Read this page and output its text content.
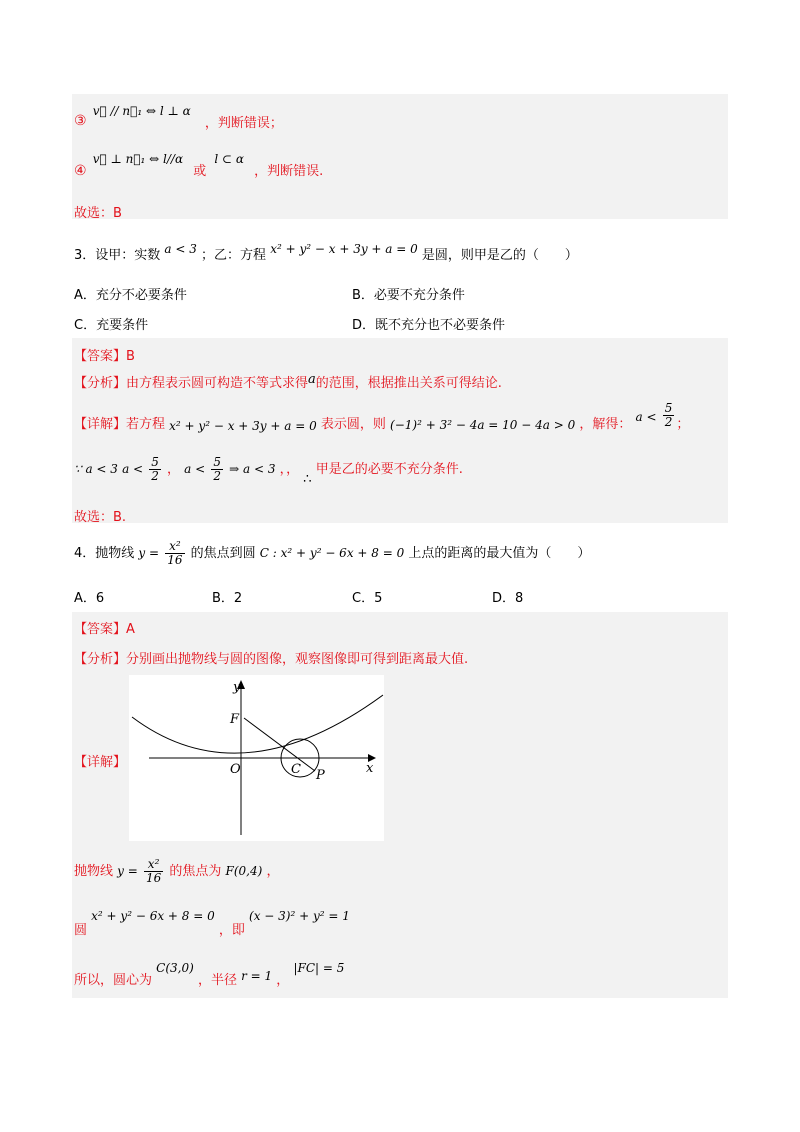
③ v⃗ // n⃗₁ ⇔ l ⊥ α ，判断错误；
④ v⃗ ⊥ n⃗₁ ⇔ l//α 或 l ⊂ α ，判断错误.
故选：B
3．设甲：实数 a < 3 ；乙：方程 x² + y² − x + 3y + a = 0 是圆，则甲是乙的（　　）
A．充分不必要条件	B．必要不充分条件
C．充要条件	D．既不充分也不必要条件
【答案】B
【分析】由方程表示圆可构造不等式求得a的范围，根据推出关系可得结论.
【详解】若方程 x² + y² − x + 3y + a = 0 表示圆，则 (−1)² + 3² − 4a = 10 − 4a > 0 ，解得： $a < \frac{5}{2}$ ；
∵ a < 3 $a < \frac{5}{2}$ ， $a < \frac{5}{2}$ ⇒ a < 3 ，， ∴ 甲是乙的必要不充分条件.
故选：B.
4．抛物线 $y = \frac{\text{x²}}{16}$ 的焦点到圆 C : x² + y² − 6x + 8 = 0 上点的距离的最大值为（　　）
A．6	B．2	C．5	D．8
【答案】A
【分析】分别画出抛物线与圆的图像，观察图像即可得到距离最大值.
【详解】
y
x
F
O	C P
抛物线 $y = \frac{\text{x²}}{16}$ 的焦点为 F(0,4) ，
圆 x² + y² − 6x + 8 = 0 ，即 (x − 3)² + y² = 1
所以，圆心为 C(3,0) ，半径 r = 1 ， |FC| = 5
